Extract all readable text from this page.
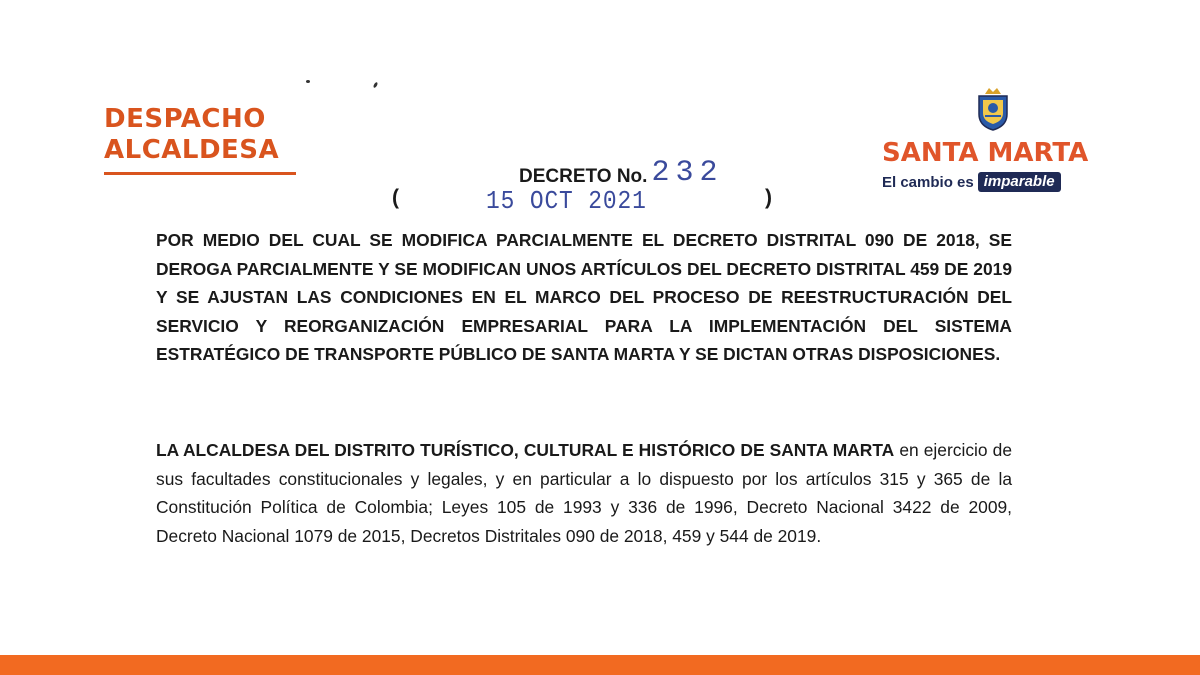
DESPACHO
ALCALDESA	SANTA MARTA
El cambio es imparable
DECRETO No. 232
(	15 OCT 2021	)
POR MEDIO DEL CUAL SE MODIFICA PARCIALMENTE EL DECRETO DISTRITAL 090 DE 2018, SE DEROGA PARCIALMENTE Y SE MODIFICAN UNOS ARTÍCULOS DEL DECRETO DISTRITAL 459 DE 2019 Y SE AJUSTAN LAS CONDICIONES EN EL MARCO DEL PROCESO DE REESTRUCTURACIÓN DEL SERVICIO Y REORGANIZACIÓN EMPRESARIAL PARA LA IMPLEMENTACIÓN DEL SISTEMA ESTRATÉGICO DE TRANSPORTE PÚBLICO DE SANTA MARTA Y SE DICTAN OTRAS DISPOSICIONES.
LA ALCALDESA DEL DISTRITO TURÍSTICO, CULTURAL E HISTÓRICO DE SANTA MARTA en ejercicio de sus facultades constitucionales y legales, y en particular a lo dispuesto por los artículos 315 y 365 de la Constitución Política de Colombia; Leyes 105 de 1993 y 336 de 1996, Decreto Nacional 3422 de 2009, Decreto Nacional 1079 de 2015, Decretos Distritales 090 de 2018, 459 y 544 de 2019.
